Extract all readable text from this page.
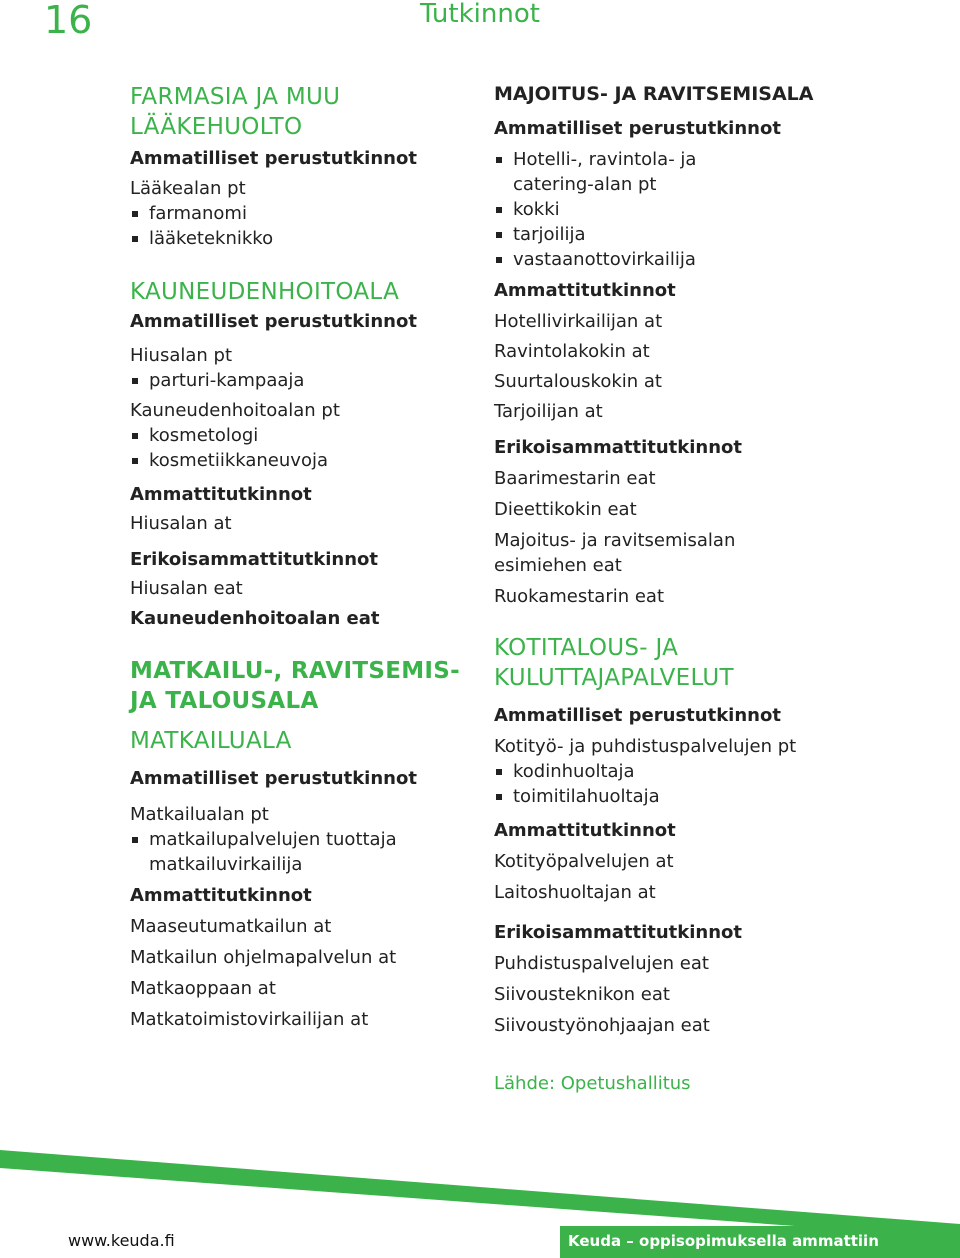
16	Tutkinnot
FARMASIA JA MUU
LÄÄKEHUOLTO
Ammatilliset perustutkinnot
Lääkealan pt
farmanomi
lääketeknikko
KAUNEUDENHOITOALA
Ammatilliset perustutkinnot
Hiusalan pt
parturi-kampaaja
Kauneudenhoitoalan pt
kosmetologi
kosmetiikkaneuvoja
Ammattitutkinnot
Hiusalan at
Erikoisammattitutkinnot
Hiusalan eat
Kauneudenhoitoalan eat
MATKAILU-, RAVITSEMIS-
JA TALOUSALA
MATKAILUALA
Ammatilliset perustutkinnot
Matkailualan pt
matkailupalvelujen tuottaja
matkailuvirkailija
Ammattitutkinnot
Maaseutumatkailun at
Matkailun ohjelmapalvelun at
Matkaoppaan at
Matkatoimistovirkailijan at
MAJOITUS- JA RAVITSEMISALA
Ammatilliset perustutkinnot
Hotelli-, ravintola- ja
catering-alan pt
kokki
tarjoilija
vastaanottovirkailija
Ammattitutkinnot
Hotellivirkailijan at
Ravintolakokin at
Suurtalouskokin at
Tarjoilijan at
Erikoisammattitutkinnot
Baarimestarin eat
Dieettikokin eat
Majoitus- ja ravitsemisalan
esimiehen eat
Ruokamestarin eat
KOTITALOUS- JA
KULUTTAJAPALVELUT
Ammatilliset perustutkinnot
Kotityö- ja puhdistuspalvelujen pt
kodinhuoltaja
toimitilahuoltaja
Ammattitutkinnot
Kotityöpalvelujen at
Laitoshuoltajan at
Erikoisammattitutkinnot
Puhdistuspalvelujen eat
Siivousteknikon eat
Siivoustyönohjaajan eat
Lähde: Opetushallitus
www.keuda.fi	Keuda – oppisopimuksella ammattiin
